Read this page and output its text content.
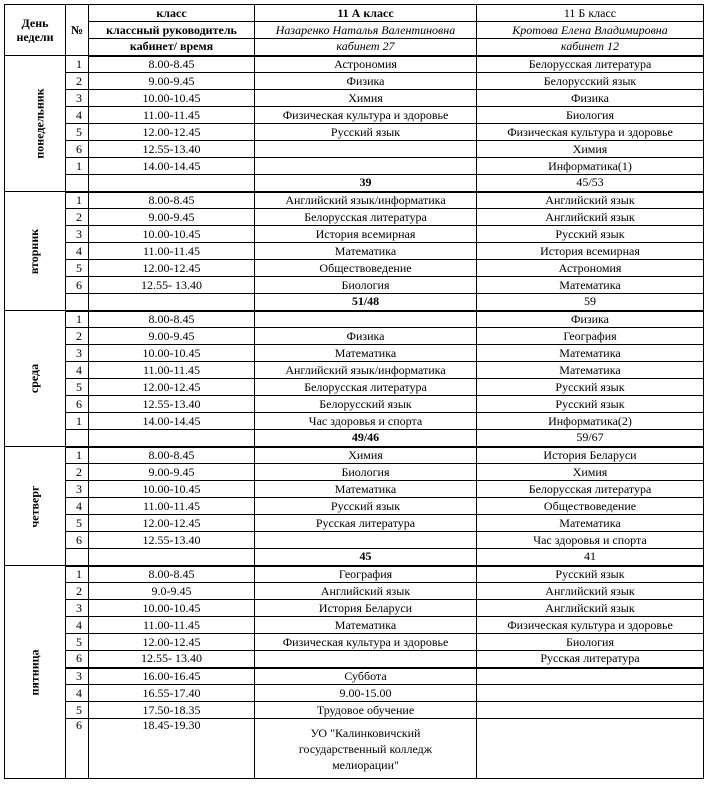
День недели	№	класс	11 А класс	11 Б класс
		классный руководитель	Назаренко Наталья Валентиновна	Кротова Елена Владимировна
		кабинет/ время	кабинет 27	кабинет 12
понедельник	1	8.00-8.45	Астрономия	Белорусская литература
	2	9.00-9.45	Физика	Белорусский язык
	3	10.00-10.45	Химия	Физика
	4	11.00-11.45	Физическая культура и здоровье	Биология
	5	12.00-12.45	Русский язык	Физическая культура и здоровье
	6	12.55-13.40		Химия
	1	14.00-14.45		Информатика(1)
			39	45/53
вторник	1	8.00-8.45	Английский язык/информатика	Английский язык
	2	9.00-9.45	Белорусская литература	Английский язык
	3	10.00-10.45	История всемирная	Русский язык
	4	11.00-11.45	Математика	История всемирная
	5	12.00-12.45	Обществоведение	Астрономия
	6	12.55- 13.40	Биология	Математика
			51/48	59
среда	1	8.00-8.45		Физика
	2	9.00-9.45	Физика	География
	3	10.00-10.45	Математика	Математика
	4	11.00-11.45	Английский язык/информатика	Математика
	5	12.00-12.45	Белорусская литература	Русский язык
	6	12.55-13.40	Белорусский язык	Русский язык
	1	14.00-14.45	Час здоровья и спорта	Информатика(2)
			49/46	59/67
четверг	1	8.00-8.45	Химия	История Беларуси
	2	9.00-9.45	Биология	Химия
	3	10.00-10.45	Математика	Белорусская литература
	4	11.00-11.45	Русский язык	Обществоведение
	5	12.00-12.45	Русская литература	Математика
	6	12.55-13.40		Час здоровья и спорта
			45	41
пятница	1	8.00-8.45	География	Русский язык
	2	9.0-9.45	Английский язык	Английский язык
	3	10.00-10.45	История Беларуси	Английский язык
	4	11.00-11.45	Математика	Физическая культура и здоровье
	5	12.00-12.45	Физическая культура и здоровье	Биология
	6	12.55- 13.40		Русская литература
	3	16.00-16.45	Суббота	
	4	16.55-17.40	9.00-15.00	
	5	17.50-18.35	Трудовое обучение	
	6	18.45-19.30	УО "Калинковичский государственный колледж мелиорации"	
